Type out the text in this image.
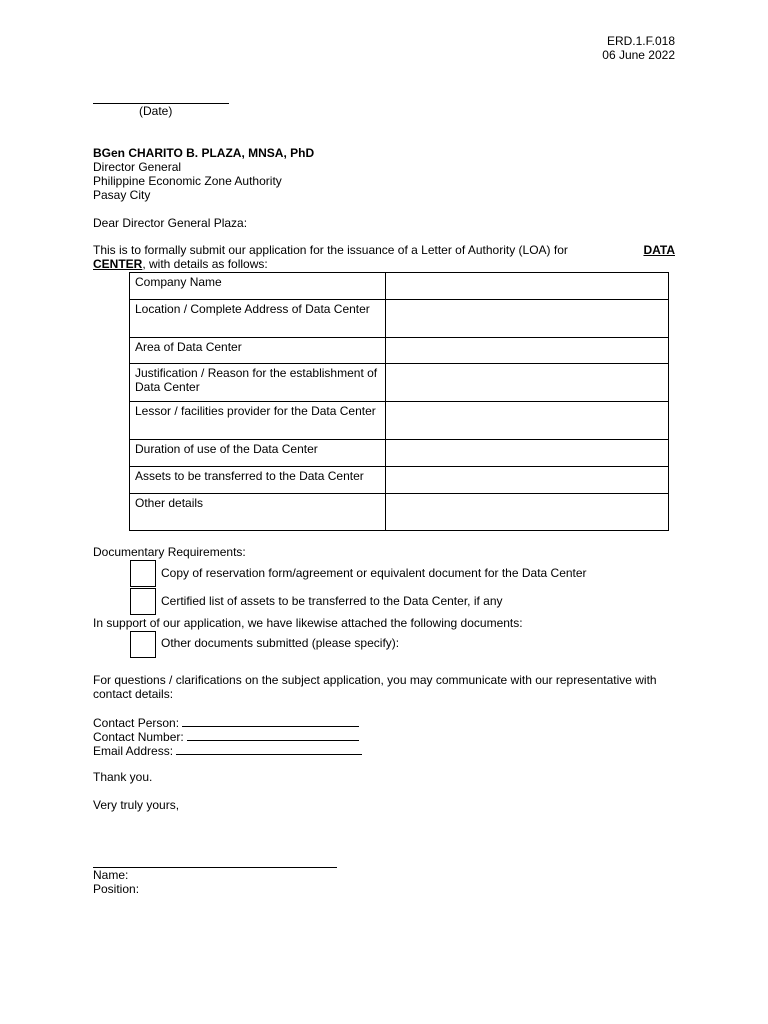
ERD.1.F.018
06 June 2022
(Date)
BGen CHARITO B. PLAZA, MNSA, PhD
Director General
Philippine Economic Zone Authority
Pasay City
Dear Director General Plaza:
This is to formally submit our application for the issuance of a Letter of Authority (LOA) for	DATA
CENTER, with details as follows:
Company Name	
Location / Complete Address of Data Center	
Area of Data Center	
Justification / Reason for the establishment of Data Center	
Lessor / facilities provider for the Data Center	
Duration of use of the Data Center	
Assets to be transferred to the Data Center	
Other details	
Documentary Requirements:
Copy of reservation form/agreement or equivalent document for the Data Center
Certified list of assets to be transferred to the Data Center, if any
In support of our application, we have likewise attached the following documents:
Other documents submitted (please specify):
For questions / clarifications on the subject application, you may communicate with our representative with contact details:
Contact Person:
Contact Number:
Email Address:
Thank you.
Very truly yours,
Name:
Position:
